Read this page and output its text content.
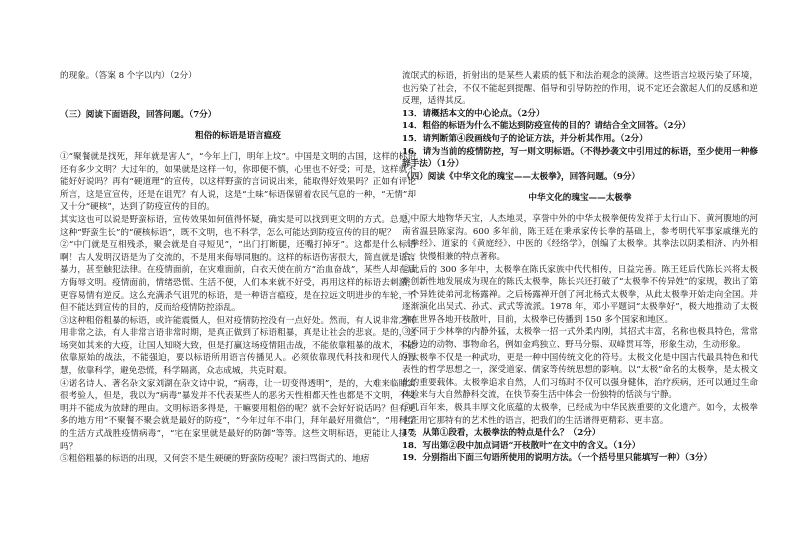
的现象。（答案 8 个字以内）（2分）

（三）阅读下面语段，回答问题。（7分）

粗俗的标语是语言瘟疫

①“聚餐就是找死，拜年就是害人”，“今年上门，明年上坟”。中国是文明的古国，这样的标语还有多少文明？大过年的，如果就是这样一句，你即便不慎，心里也不好受；可是，这样就不能好好说吗？再有“硬道理”的宣传，以这样野蛮的言词说出来，能取得好效果吗？正如有评论所言，这是宣宣传，还是在诅咒？有人说，这是“土味”标语保留着农民气息的一种，“无情”却又十分“硬核”，达到了防疫宣传的目的。

其实这也可以说是野蛮标语，宣传效果如何值得怀疑，确实是可以找到更文明的方式。总是，这种“野蛮生长”的“硬核标语”，既不文明，也不科学，怎么可能达到防疫宣传的目的呢？

②“中门就是互相残杀，聚会就是自寻短见”，“出门打断腿，还嘴打掉牙”。这都是什么标语啊！古人发明汉语是为了交流的，不是用来侮辱同胞的。这样的标语伤害很大，简直就是语言暴力，甚至触犯法律。在疫情面前，在灾难面前，白衣天使在前方“治血奋战”，某些人却在后方侮辱文明。疫情面前，情绪恐慌、生活不便，人们本来就不好受，再用这样的标语去刺激，更容易情有逆反。这么充满杀气诅咒的标语，是一种语言瘟疫，是在拉远文明进步的车轮，不但不能达到宣传的目的，反而给疫情防控添乱。

③这种粗俗粗暴的标语，或许能震慑人，但对疫情防控没有一点好处。然而，有人说非常之时用非常之法，有人非常言语非常时期，是真正做到了标语粗暴，真是让社会的悲哀。是的，这场突如其来的大疫，让国人知晓大致，但是打赢这场疫情阻击战，不能依靠粗暴的战术，不能依靠原始的战法，不能强迫，要以标语所用语言传播见人。必须依靠现代科技和现代人的智慧，依靠科学，避免恐慌，科学隔离，众志成城，共克时艰。

④诺名诗人、著名杂文家刘湖在杂文诗中说，“病毒，让一切变得透明”，是的，大难来临睹实很考验人，但是，我以为“病毒”暴发并不代表某些人的恶劣天性相都天性也都是不文明，不文明并不能成为放肆的理由。文明标语多得是，干嘛要用粗俗的呢？就不会好好说话吗？但有更多的地方用“不聚餐不聚会就是最好的防疫”，“今年过年不串门，拜年最好用微信”，“用科学的生活方式战胜疫情病毒”，“宅在家里就是最好的防御”等等。这些文明标语，更能让人接受吗？

⑤粗俗粗暴的标语的出现，又何尝不是生硬硬的野蛮防疫呢？滚扫骂街式的、地痞

流氓式的标语，折射出的是某些人素质的低下和法治观念的淡薄。这些语言垃圾污染了环境，也污染了社会，不仅不能起到提醒、倡导和引导防控的作用，说不定还会激起人们的反感和逆反理，适得其反。

13．请概括本文的中心论点。（2分）

14．粗俗的标语为什么不能达到防疫宣传的目的？请结合全文回答。（2分）

15．请判断第④段画线句子的论证方法，并分析其作用。（2分）

16．请为当前的疫情防控，写一则文明标语。（不得抄袭文中引用过的标语，至少使用一种修辞手法）（1分）

（四）阅读《中华文化的瑰宝——太极拳》，回答问题。（9分）

中华文化的瑰宝——太极拳

①中原大地物华天宝，人杰地灵，享誉中外的中华太极拳便传发祥于太行山下、黄河腹地的河南省温县陈家沟。600 多年前，陈王廷在秉承家传长拳的基础上，参考明代军事家戚继光的《拳经》、道家的《黄庭经》、中医的《经络学》，创编了太极拳。其拳法以阴柔相济、内外相合、快慢相兼的特点著称。

②此后的 300 多年中，太极拳在陈氏家族中代代相传，日益完善。陈王廷后代陈长兴将太极拳创新性地发展成为现在的陈氏太极拳，陈长兴还打破了“太极拳不传异姓”的家规，教出了第一个异姓徒弟河北杨露禅。之后杨露禅开创了河北杨式太极拳，从此太极拳开始走向全国。并逐渐演化出吴式、孙式、武式等流派。1978 年，邓小平题词“太极拳好”，极大地推动了太极拳在世界各地开枝散叶，目前，太极拳已传播到 150 多个国家和地区。

③不同于少林拳的内静外猛，太极拳一招一式外柔内刚，其招式丰富，名称也极具特色，常常以身边的动物、事物命名，例如金鸡独立、野马分鬃、双峰贯耳等，形象生动，生动形象。

④太极拳不仅是一种武功，更是一种中国传统文化的符号。太极文化是中国古代最具特色和代表性的哲学思想之一，深受道家、儒家等传统思想的影响。以“太极”命名的太极拳，是太极文化的重要载体。太极拳追求自然，人们习练时不仅可以强身健体，治疗疾病，还可以通过生命体验来与大自然静科交流，在快节奏生活中体会一份独特的恬淡与宁静。

⑤几百年来，极具丰厚文化底蕴的太极拳，已经成为中华民族重要的文化遗产。如今，太极拳也正用它那特有的艺术性的语言，把我们的生活谱得更精彩、更丰富。

17．从第①段看，太极拳法的特点是什么？（2分）

18．写出第②段中加点词语“开枝散叶”在文中的含义。（1分）

19．分别指出下面三句语所使用的说明方法。（一个括号里只能填写一种）（3分）
